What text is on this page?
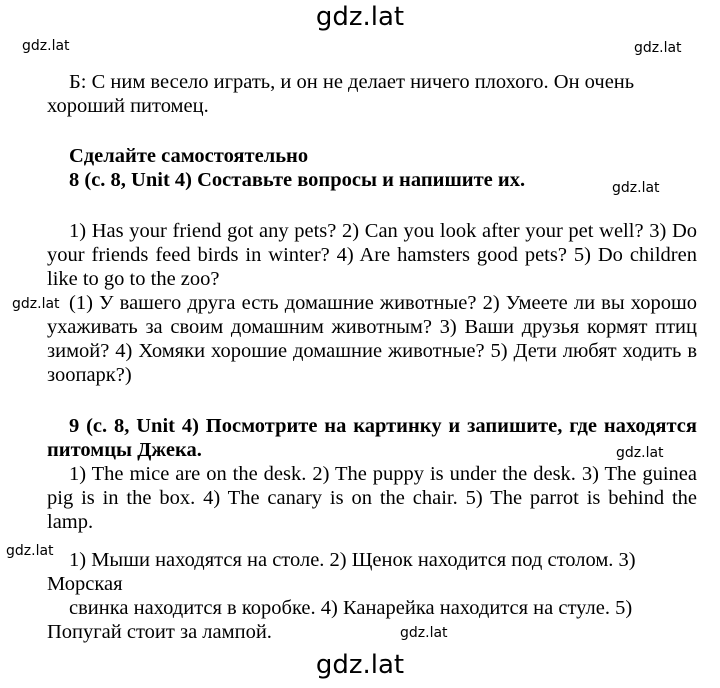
gdz.lat
gdz.lat	gdz.lat
gdz.lat
gdz.lat
gdz.lat
gdz.lat
gdz.lat

Б: С ним весело играть, и он не делает ничего плохого. Он очень

хороший питомец.

Сделайте самостоятельно

8 (с. 8, Unit 4) Составьте вопросы и напишите их.

1) Has your friend got any pets? 2) Can you look after your pet well? 3) Do your friends feed birds in winter? 4) Are hamsters good pets? 5) Do children like to go to the zoo?

(1) У вашего друга есть домашние животные? 2) Умеете ли вы хорошо ухаживать за своим домашним животным? 3) Ваши друзья кормят птиц зимой? 4) Хомяки хорошие домашние животные? 5) Дети любят ходить в зоопарк?)

9 (с. 8, Unit 4) Посмотрите на картинку и запишите, где находятся питомцы Джека.

1) The mice are on the desk. 2) The puppy is under the desk. 3) The guinea pig is in the box. 4) The canary is on the chair. 5) The parrot is behind the lamp.

1) Мыши находятся на столе. 2) Щенок находится под столом. 3)

Морская

свинка находится в коробке. 4) Канарейка находится на стуле. 5)

Попугай стоит за лампой.

gdz.lat
